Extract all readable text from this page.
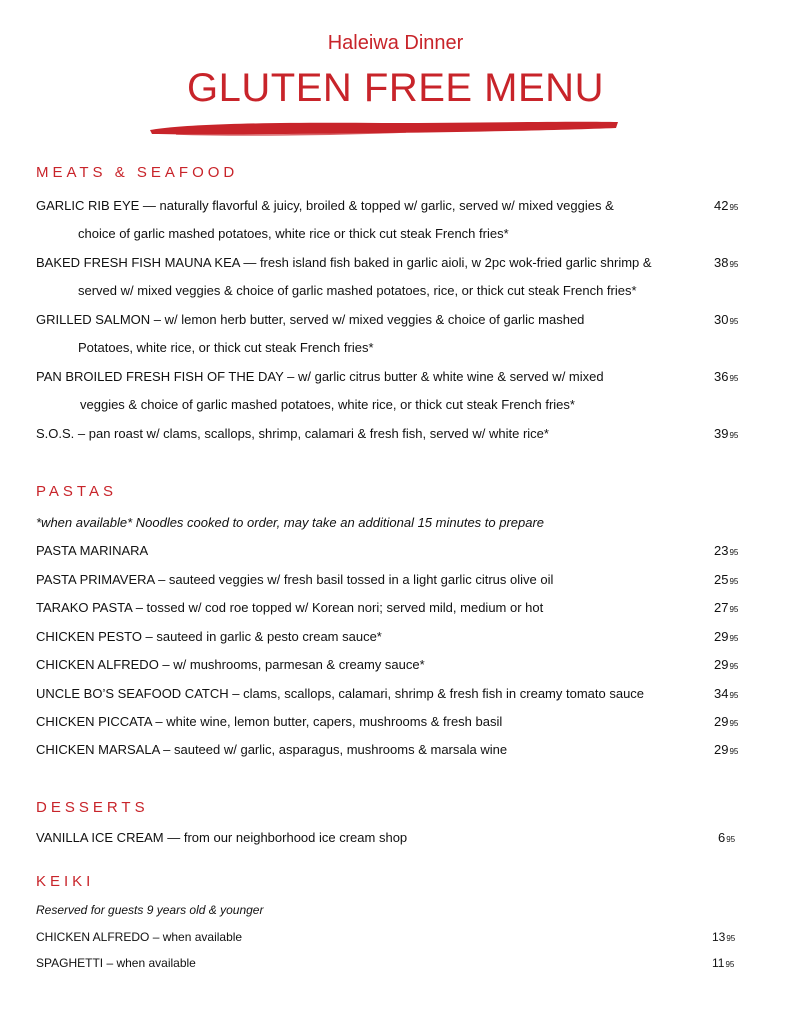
Haleiwa Dinner
GLUTEN FREE MENU
MEATS & SEAFOOD
GARLIC RIB EYE — naturally flavorful & juicy, broiled & topped w/ garlic, served w/ mixed veggies &
choice of garlic mashed potatoes, white rice or thick cut steak French fries*
4295
BAKED FRESH FISH MAUNA KEA — fresh island fish baked in garlic aioli, w 2pc wok-fried garlic shrimp &
served w/ mixed veggies & choice of garlic mashed potatoes, rice, or thick cut steak French fries*
3895
GRILLED SALMON – w/ lemon herb butter, served w/ mixed veggies & choice of garlic mashed
Potatoes, white rice, or thick cut steak French fries*
3095
PAN BROILED FRESH FISH OF THE DAY – w/ garlic citrus butter & white wine & served w/ mixed
veggies & choice of garlic mashed potatoes, white rice, or thick cut steak French fries*
3695
S.O.S. – pan roast w/ clams, scallops, shrimp, calamari & fresh fish, served w/ white rice*	3995
PASTAS
*when available* Noodles cooked to order, may take an additional 15 minutes to prepare
PASTA MARINARA	2395
PASTA PRIMAVERA – sauteed veggies w/ fresh basil tossed in a light garlic citrus olive oil	2595
TARAKO PASTA – tossed w/ cod roe topped w/ Korean nori; served mild, medium or hot	2795
CHICKEN PESTO – sauteed in garlic & pesto cream sauce*	2995
CHICKEN ALFREDO – w/ mushrooms, parmesan & creamy sauce*	2995
UNCLE BO’S SEAFOOD CATCH – clams, scallops, calamari, shrimp & fresh fish in creamy tomato sauce	3495
CHICKEN PICCATA – white wine, lemon butter, capers, mushrooms & fresh basil	2995
CHICKEN MARSALA – sauteed w/ garlic, asparagus, mushrooms & marsala wine	2995
DESSERTS
VANILLA ICE CREAM — from our neighborhood ice cream shop	695
KEIKI
Reserved for guests 9 years old & younger
CHICKEN ALFREDO – when available	1395
SPAGHETTI – when available	1195
